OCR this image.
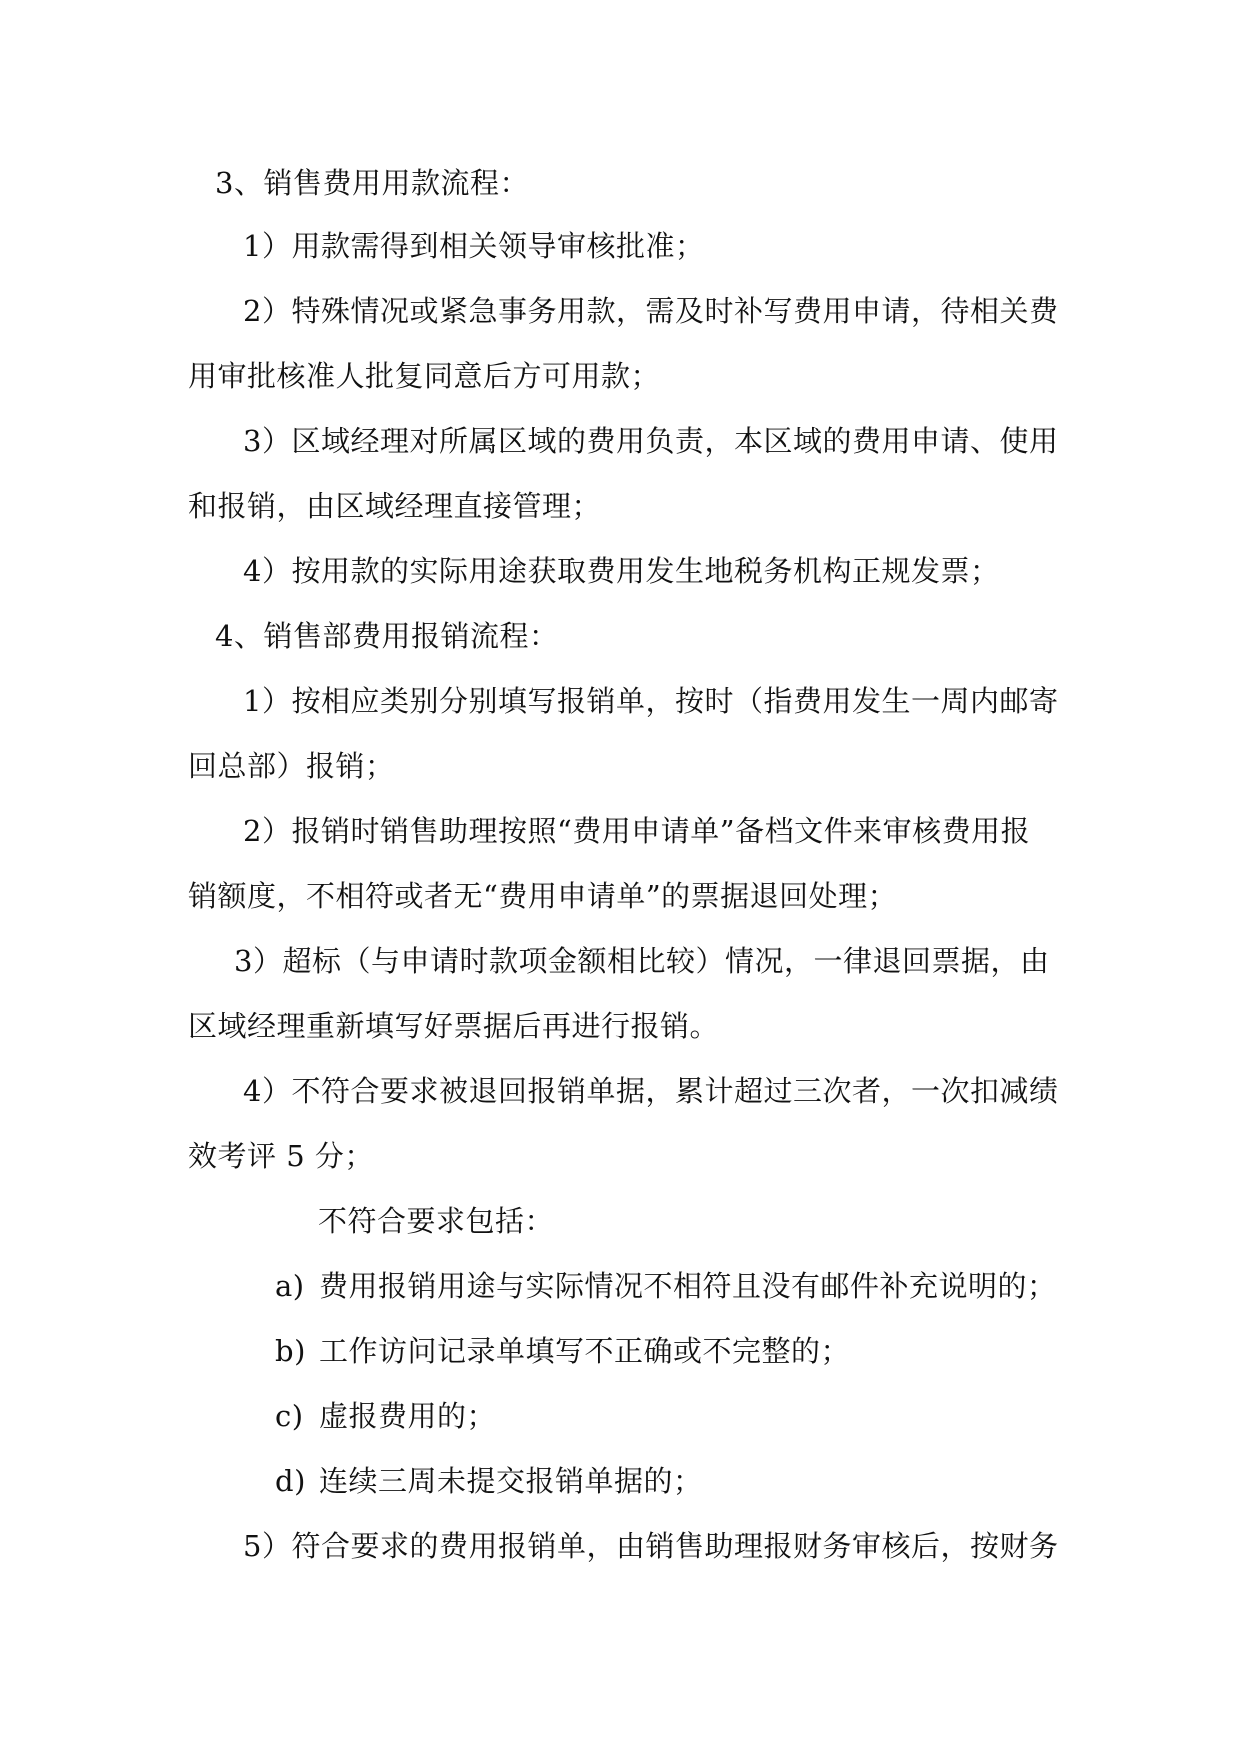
3、销售费用用款流程：
1）用款需得到相关领导审核批准；
2）特殊情况或紧急事务用款，需及时补写费用申请，待相关费
用审批核准人批复同意后方可用款；
3）区域经理对所属区域的费用负责，本区域的费用申请、使用
和报销，由区域经理直接管理；
4）按用款的实际用途获取费用发生地税务机构正规发票；
4、销售部费用报销流程：
1）按相应类别分别填写报销单，按时（指费用发生一周内邮寄
回总部）报销；
2）报销时销售助理按照“费用申请单”备档文件来审核费用报
销额度，不相符或者无“费用申请单”的票据退回处理；
3）超标（与申请时款项金额相比较）情况，一律退回票据，由
区域经理重新填写好票据后再进行报销。
4）不符合要求被退回报销单据，累计超过三次者，一次扣减绩
效考评 5 分；
不符合要求包括：
a) 费用报销用途与实际情况不相符且没有邮件补充说明的；
b) 工作访问记录单填写不正确或不完整的；
c) 虚报费用的；
d) 连续三周未提交报销单据的；
5）符合要求的费用报销单，由销售助理报财务审核后，按财务
